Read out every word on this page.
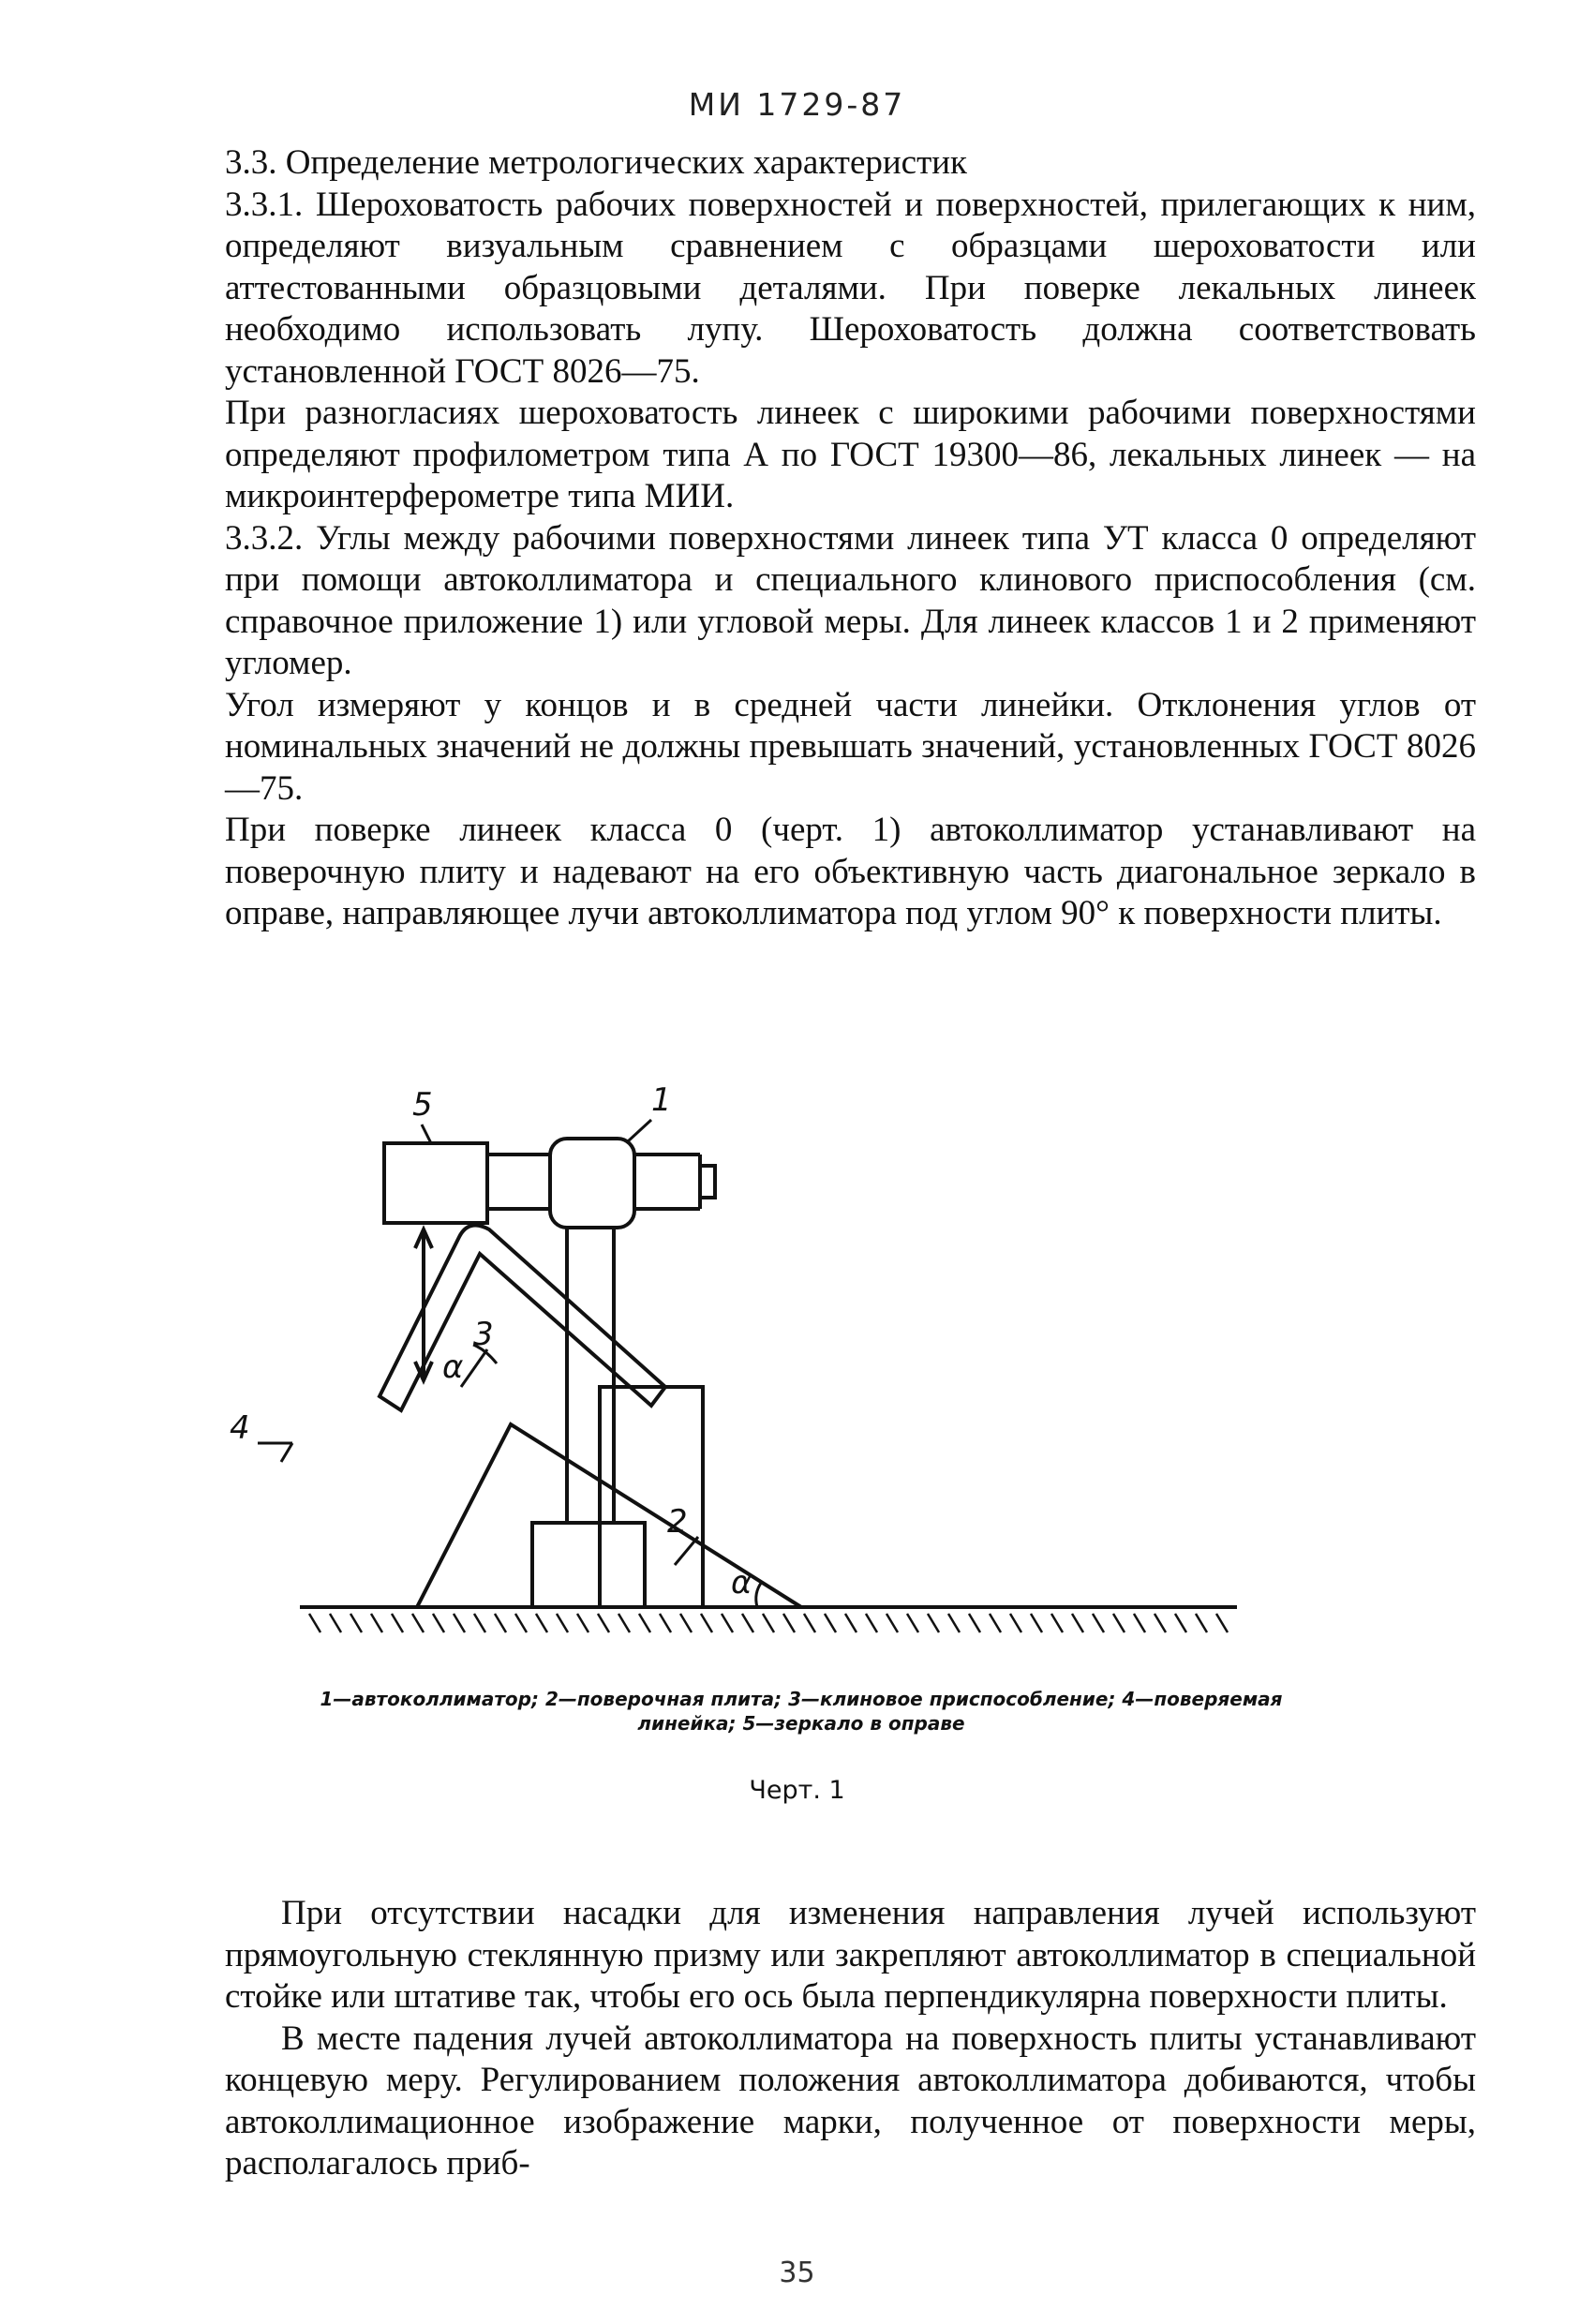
МИ 1729-87

3.3. Определение метрологических характеристик

3.3.1. Шероховатость рабочих поверхностей и поверхностей, прилегающих к ним, определяют визуальным сравнением с образцами шероховатости или аттестованными образцовыми деталями. При поверке лекальных линеек необходимо использовать лупу. Шероховатость должна соответствовать установленной ГОСТ 8026—75.

При разногласиях шероховатость линеек с широкими рабочими поверхностями определяют профилометром типа А по ГОСТ 19300—86, лекальных линеек — на микроинтерферометре типа МИИ.

3.3.2. Углы между рабочими поверхностями линеек типа УТ класса 0 определяют при помощи автоколлиматора и специального клинового приспособления (см. справочное приложение 1) или угловой меры. Для линеек классов 1 и 2 применяют угломер.

Угол измеряют у концов и в средней части линейки. Отклонения углов от номинальных значений не должны превышать значений, установленных ГОСТ 8026—75.

При поверке линеек класса 0 (черт. 1) автоколлиматор устанавливают на поверочную плиту и надевают на его объективную часть диагональное зеркало в оправе, направляющее лучи автоколлиматора под углом 90° к поверхности плиты.

5	1
3
4
2
α
α
1—автоколлиматор; 2—поверочная плита; 3—клиновое приспособление; 4—поверяемая линейка; 5—зеркало в оправе
Черт. 1

При отсутствии насадки для изменения направления лучей используют прямоугольную стеклянную призму или закрепляют автоколлиматор в специальной стойке или штативе так, чтобы его ось была перпендикулярна поверхности плиты.

В месте падения лучей автоколлиматора на поверхность плиты устанавливают концевую меру. Регулированием положения автоколлиматора добиваются, чтобы автоколлимационное изображение марки, полученное от поверхности меры, располагалось приб-

35
